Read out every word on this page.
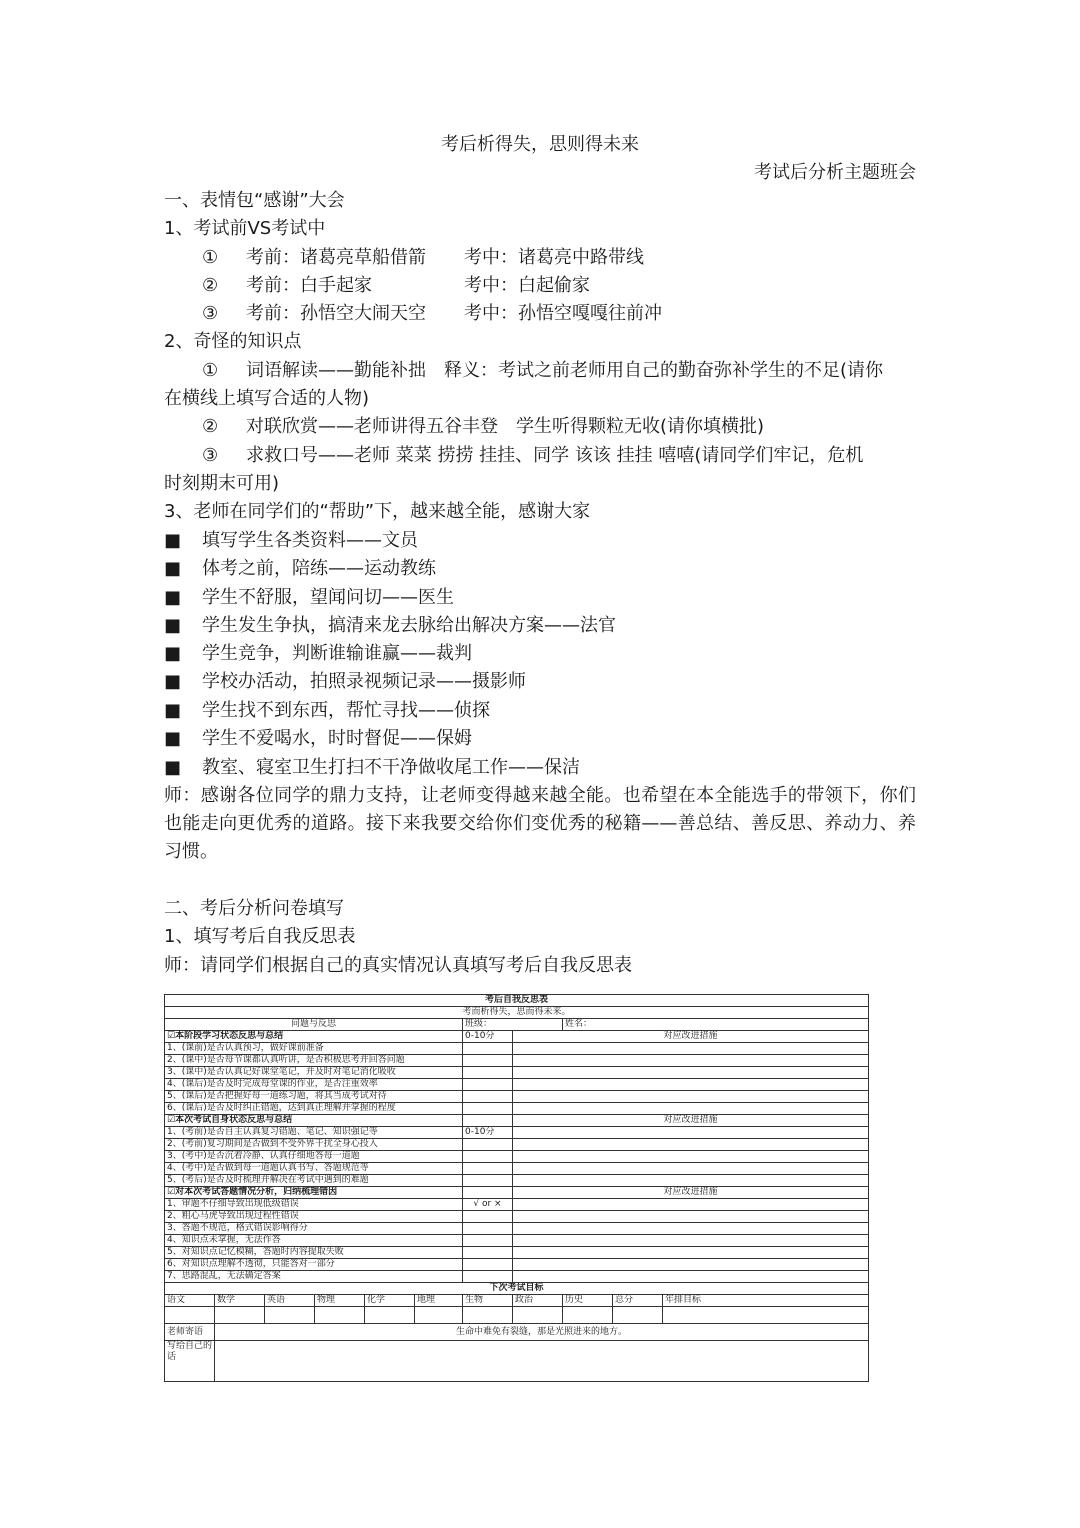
考后析得失，思则得未来
考试后分析主题班会
一、表情包“感谢”大会
1、考试前VS考试中
① 考前：诸葛亮草船借箭 考中：诸葛亮中路带线
② 考前：白手起家	考中：白起偷家
③ 考前：孙悟空大闹天空 考中：孙悟空嘎嘎往前冲
2、奇怪的知识点
① 词语解读——勤能补拙　释义：考试之前老师用自己的勤奋弥补学生的不足(请你
在横线上填写合适的人物)
② 对联欣赏——老师讲得五谷丰登　学生听得颗粒无收(请你填横批)
③ 求救口号——老师 菜菜 捞捞 挂挂、同学 该该 挂挂 嘻嘻(请同学们牢记，危机
时刻期末可用)
3、老师在同学们的“帮助”下，越来越全能，感谢大家
■ 填写学生各类资料——文员
■ 体考之前，陪练——运动教练
■ 学生不舒服，望闻问切——医生
■ 学生发生争执，搞清来龙去脉给出解决方案——法官
■ 学生竞争，判断谁输谁赢——裁判
■ 学校办活动，拍照录视频记录——摄影师
■ 学生找不到东西，帮忙寻找——侦探
■ 学生不爱喝水，时时督促——保姆
■ 教室、寝室卫生打扫不干净做收尾工作——保洁
师：感谢各位同学的鼎力支持，让老师变得越来越全能。也希望在本全能选手的带领下，你们也能走向更优秀的道路。接下来我要交给你们变优秀的秘籍——善总结、善反思、养动力、养习惯。
二、考后分析问卷填写
1、填写考后自我反思表
师：请同学们根据自己的真实情况认真填写考后自我反思表
考后自我反思表										
考而析得失，思而得未来。										
问题与反思						班级：		姓名：		
☑本阶段学习状态反思与总结						0-10分	对应改进措施			
1、(课前)是否认真预习，做好课前准备										
2、(课中)是否每节课都认真听讲，是否积极思考并回答问题										
3、(课中)是否认真记好课堂笔记，并及时对笔记消化吸收										
4、(课后)是否及时完成每堂课的作业，是否注重效率										
5、(课后)是否把握好每一道练习题，将其当成考试对待										
6、(课后)是否及时纠正错题，达到真正理解并掌握的程度										
☑本次考试自身状态反思与总结							对应改进措施			
1、(考前)是否自主认真复习错题、笔记、知识强记等						0-10分				
2、(考前)复习期间是否做到不受外界干扰全身心投入										
3、(考中)是否沉着冷静、认真仔细地答每一道题										
4、(考中)是否做到每一道题认真书写、答题规范等										
5、(考后)是否及时梳理并解决在考试中遇到的难题										
☑对本次考试答题情况分析，归纳梳理错因							对应改进措施			
1、审题不仔细导致出现低级错误						√ or ×				
2、粗心马虎导致出现过程性错误										
3、答题不规范，格式错误影响得分										
4、知识点未掌握，无法作答										
5、对知识点记忆模糊，答题时内容提取失败										
6、对知识点理解不透彻，只能答对一部分										
7、思路混乱，无法确定答案										
下次考试目标										
语文	数学	英语	物理	化学	地理	生物	政治	历史	总分	年排目标

老师寄语	生命中难免有裂缝，那是光照进来的地方。									
写给自己的话										
